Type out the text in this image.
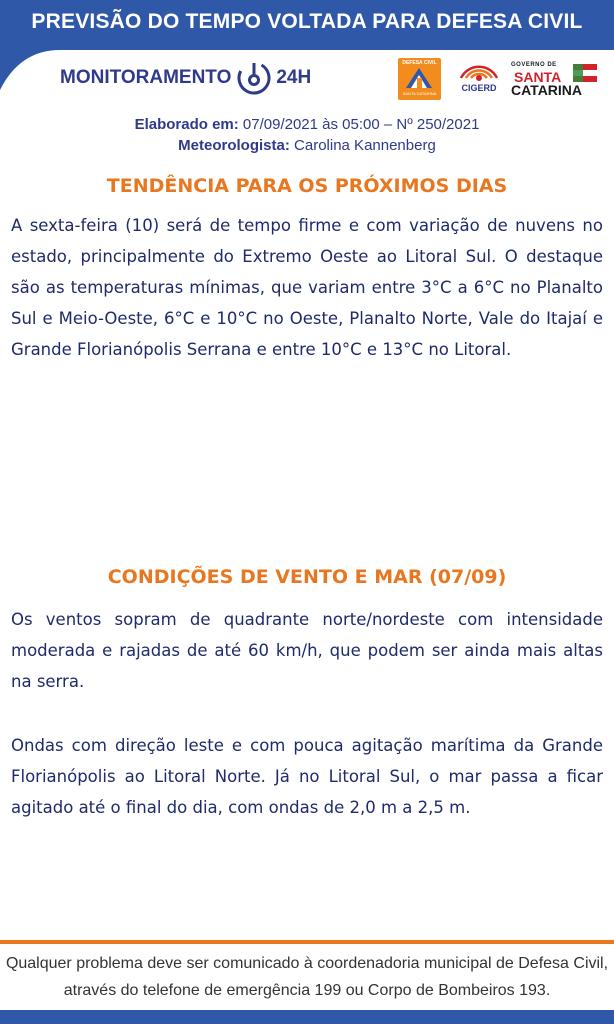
PREVISÃO DO TEMPO VOLTADA PARA DEFESA CIVIL
MONITORAMENTO 24H
DEFESA CIVIL
SANTA CATARINA
CIGERD
GOVERNO DE
SANTA
CATARINA
Elaborado em: 07/09/2021 às 05:00 – Nº 250/2021
Meteorologista: Carolina Kannenberg
TENDÊNCIA PARA OS PRÓXIMOS DIAS
A sexta-feira (10) será de tempo firme e com variação de nuvens no estado, principalmente do Extremo Oeste ao Litoral Sul. O destaque são as temperaturas mínimas, que variam entre 3°C a 6°C no Planalto Sul e Meio-Oeste, 6°C e 10°C no Oeste, Planalto Norte, Vale do Itajaí e Grande Florianópolis Serrana e entre 10°C e 13°C no Litoral.
CONDIÇÕES DE VENTO E MAR (07/09)
Os ventos sopram de quadrante norte/nordeste com intensidade moderada e rajadas de até 60 km/h, que podem ser ainda mais altas na serra.
Ondas com direção leste e com pouca agitação marítima da Grande Florianópolis ao Litoral Norte. Já no Litoral Sul, o mar passa a ficar agitado até o final do dia, com ondas de 2,0 m a 2,5 m.
Qualquer problema deve ser comunicado à coordenadoria municipal de Defesa Civil,
através do telefone de emergência 199 ou Corpo de Bombeiros 193.
